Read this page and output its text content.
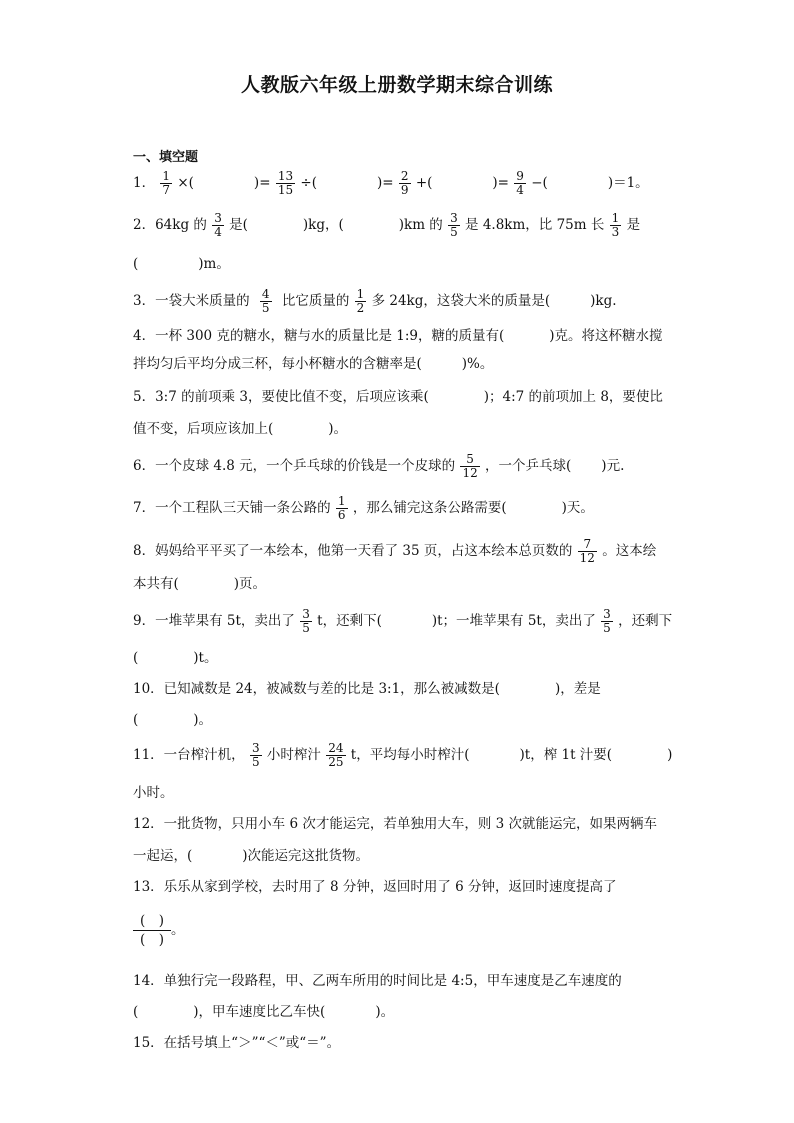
人教版六年级上册数学期末综合训练
一、填空题
1． $\frac{1}{7}$ ×(	)= $\frac{13}{15}$ ÷(	)= $\frac{2}{9}$ +(	)= $\frac{9}{4}$ −(	)＝1。
2．64kg 的 $\frac{3}{4}$ 是(	)kg，(	)km 的 $\frac{3}{5}$ 是 4.8km，比 75m 长 $\frac{1}{3}$ 是
(	)m。
3．一袋大米质量的 $\frac{4}{5}$ 比它质量的 $\frac{1}{2}$ 多 24kg，这袋大米的质量是(	)kg.
4．一杯 300 克的糖水，糖与水的质量比是 1:9，糖的质量有(	)克。将这杯糖水搅
拌均匀后平均分成三杯，每小杯糖水的含糖率是(	)%。
5．3:7 的前项乘 3，要使比值不变，后项应该乘(	)；4:7 的前项加上 8，要使比
值不变，后项应该加上(	)。
6．一个皮球 4.8 元，一个乒乓球的价钱是一个皮球的 $\frac{5}{12}$ ，一个乒乓球( )元.
7．一个工程队三天铺一条公路的 $\frac{1}{6}$ ，那么铺完这条公路需要(	)天。
8．妈妈给平平买了一本绘本，他第一天看了 35 页，占这本绘本总页数的 $\frac{7}{12}$ 。这本绘
本共有(	)页。
9．一堆苹果有 5t，卖出了 $\frac{3}{5}$ t，还剩下(	)t；一堆苹果有 5t，卖出了 $\frac{3}{5}$ ，还剩下
(	)t。
10．已知减数是 24，被减数与差的比是 3:1，那么被减数是(	)，差是
(	)。
11．一台榨汁机， $\frac{3}{5}$ 小时榨汁 $\frac{24}{25}$ t，平均每小时榨汁(	)t，榨 1t 汁要(	)
小时。
12．一批货物，只用小车 6 次才能运完，若单独用大车，则 3 次就能运完，如果两辆车
一起运，(	)次能运完这批货物。
13．乐乐从家到学校，去时用了 8 分钟，返回时用了 6 分钟，返回时速度提高了
(　)
(　)。
14．单独行完一段路程，甲、乙两车所用的时间比是 4:5，甲车速度是乙车速度的
(	)，甲车速度比乙车快(	)。
15．在括号填上“＞”“＜”或“＝”。
